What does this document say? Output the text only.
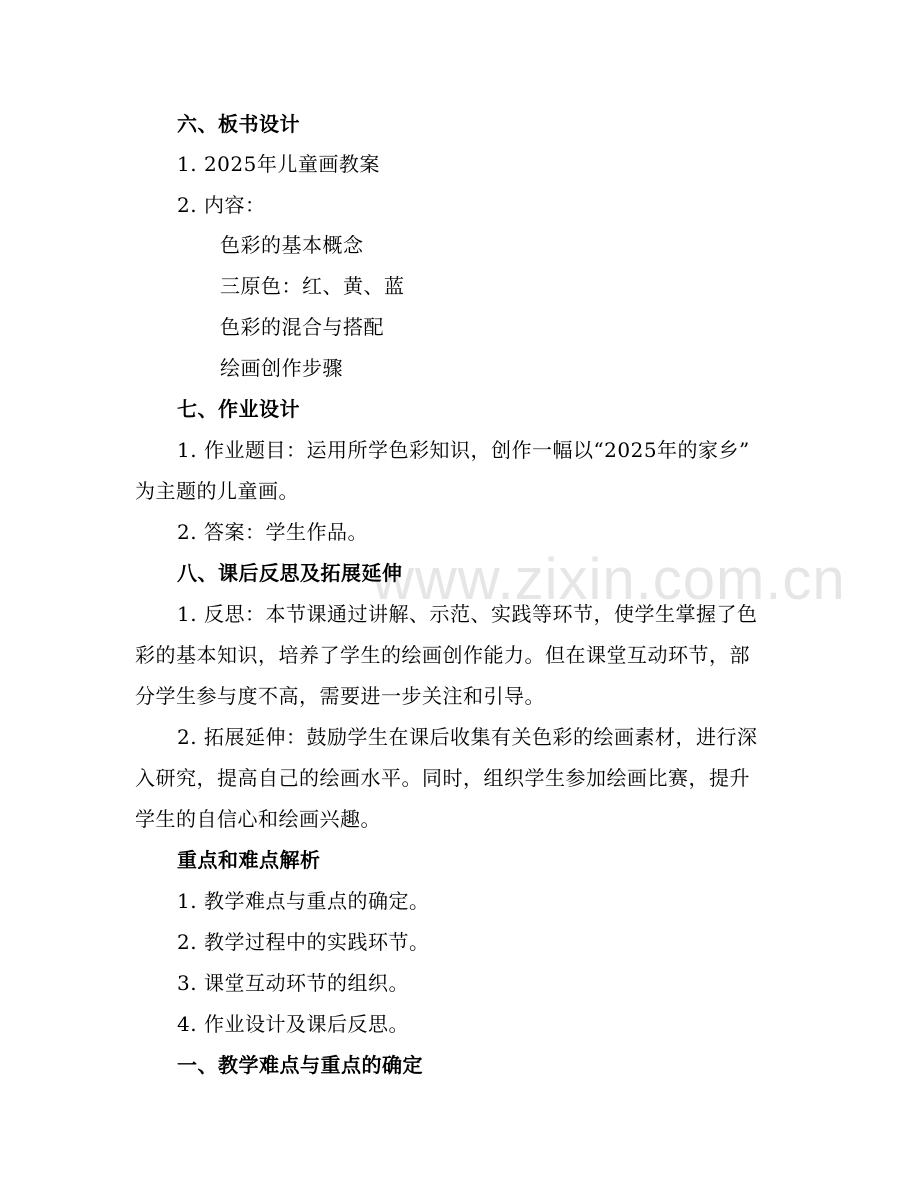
www.zixin.com.cn
六、板书设计
1. 2025年儿童画教案
2. 内容：
色彩的基本概念
三原色：红、黄、蓝
色彩的混合与搭配
绘画创作步骤
七、作业设计
1. 作业题目：运用所学色彩知识，创作一幅以“2025年的家乡”
为主题的儿童画。
2. 答案：学生作品。
八、课后反思及拓展延伸
1. 反思：本节课通过讲解、示范、实践等环节，使学生掌握了色
彩的基本知识，培养了学生的绘画创作能力。但在课堂互动环节，部
分学生参与度不高，需要进一步关注和引导。
2. 拓展延伸：鼓励学生在课后收集有关色彩的绘画素材，进行深
入研究，提高自己的绘画水平。同时，组织学生参加绘画比赛，提升
学生的自信心和绘画兴趣。
重点和难点解析
1. 教学难点与重点的确定。
2. 教学过程中的实践环节。
3. 课堂互动环节的组织。
4. 作业设计及课后反思。
一、教学难点与重点的确定
